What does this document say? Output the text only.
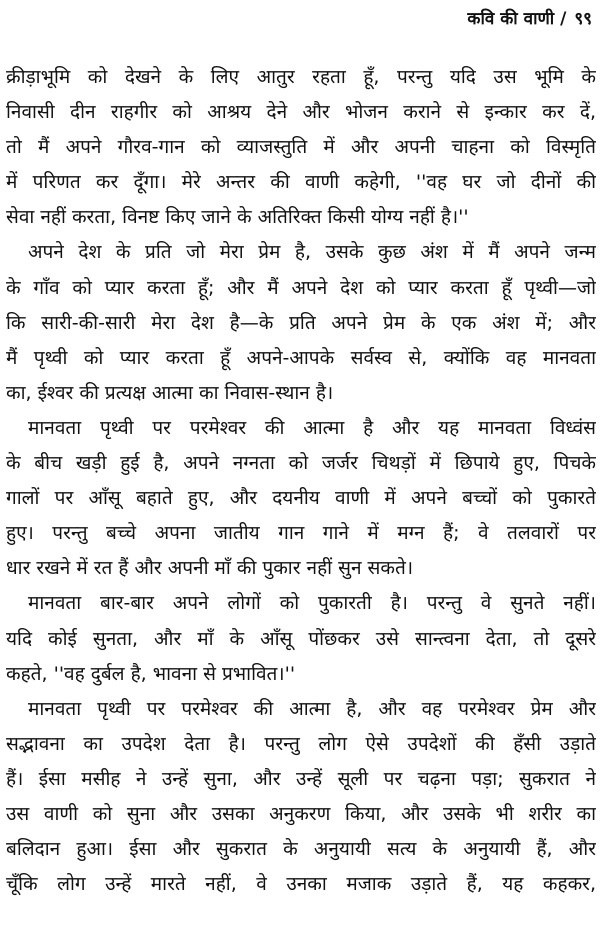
कवि की वाणी / ९९
क्रीड़ाभूमि को देखने के लिए आतुर रहता हूँ, परन्तु यदि उस भूमि के
निवासी दीन राहगीर को आश्रय देने और भोजन कराने से इन्कार कर दें,
तो मैं अपने गौरव-गान को व्याजस्तुति में और अपनी चाहना को विस्मृति
में परिणत कर दूँगा। मेरे अन्तर की वाणी कहेगी, ''वह घर जो दीनों की
सेवा नहीं करता, विनष्ट किए जाने के अतिरिक्त किसी योग्य नहीं है।''
अपने देश के प्रति जो मेरा प्रेम है, उसके कुछ अंश में मैं अपने जन्म
के गाँव को प्यार करता हूँ; और मैं अपने देश को प्यार करता हूँ पृथ्वी—जो
कि सारी-की-सारी मेरा देश है—के प्रति अपने प्रेम के एक अंश में; और
मैं पृथ्वी को प्यार करता हूँ अपने-आपके सर्वस्व से, क्योंकि वह मानवता
का, ईश्वर की प्रत्यक्ष आत्मा का निवास-स्थान है।
मानवता पृथ्वी पर परमेश्वर की आत्मा है और यह मानवता विध्वंस
के बीच खड़ी हुई है, अपने नग्नता को जर्जर चिथड़ों में छिपाये हुए, पिचके
गालों पर आँसू बहाते हुए, और दयनीय वाणी में अपने बच्चों को पुकारते
हुए। परन्तु बच्चे अपना जातीय गान गाने में मग्न हैं; वे तलवारों पर
धार रखने में रत हैं और अपनी माँ की पुकार नहीं सुन सकते।
मानवता बार-बार अपने लोगों को पुकारती है। परन्तु वे सुनते नहीं।
यदि कोई सुनता, और माँ के आँसू पोंछकर उसे सान्त्वना देता, तो दूसरे
कहते, ''वह दुर्बल है, भावना से प्रभावित।''
मानवता पृथ्वी पर परमेश्वर की आत्मा है, और वह परमेश्वर प्रेम और
सद्भावना का उपदेश देता है। परन्तु लोग ऐसे उपदेशों की हँसी उड़ाते
हैं। ईसा मसीह ने उन्हें सुना, और उन्हें सूली पर चढ़ना पड़ा; सुकरात ने
उस वाणी को सुना और उसका अनुकरण किया, और उसके भी शरीर का
बलिदान हुआ। ईसा और सुकरात के अनुयायी सत्य के अनुयायी हैं, और
चूँकि लोग उन्हें मारते नहीं, वे उनका मजाक उड़ाते हैं, यह कहकर,
